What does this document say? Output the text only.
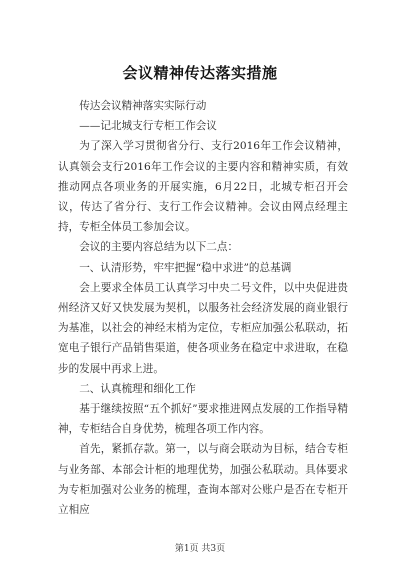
会议精神传达落实措施

传达会议精神落实实际行动

——记北城支行专柜工作会议

为了深入学习贯彻省分行、支行2016年工作会议精神，认真领会支行2016年工作会议的主要内容和精神实质，有效推动网点各项业务的开展实施，6月22日，北城专柜召开会议，传达了省分行、支行工作会议精神。会议由网点经理主持，专柜全体员工参加会议。

会议的主要内容总结为以下二点：

一、认清形势，牢牢把握“稳中求进”的总基调

会上要求全体员工认真学习中央二号文件，以中央促进贵州经济又好又快发展为契机，以服务社会经济发展的商业银行为基准，以社会的神经末梢为定位，专柜应加强公私联动，拓宽电子银行产品销售渠道，使各项业务在稳定中求进取，在稳步的发展中再求上进。

二、认真梳理和细化工作

基于继续按照“五个抓好”要求推进网点发展的工作指导精神，专柜结合自身优势，梳理各项工作内容。

首先，紧抓存款。第一，以与商会联动为目标，结合专柜与业务部、本部会计柜的地理优势，加强公私联动。具体要求为专柜加强对公业务的梳理，查询本部对公账户是否在专柜开立相应

第1页 共3页
